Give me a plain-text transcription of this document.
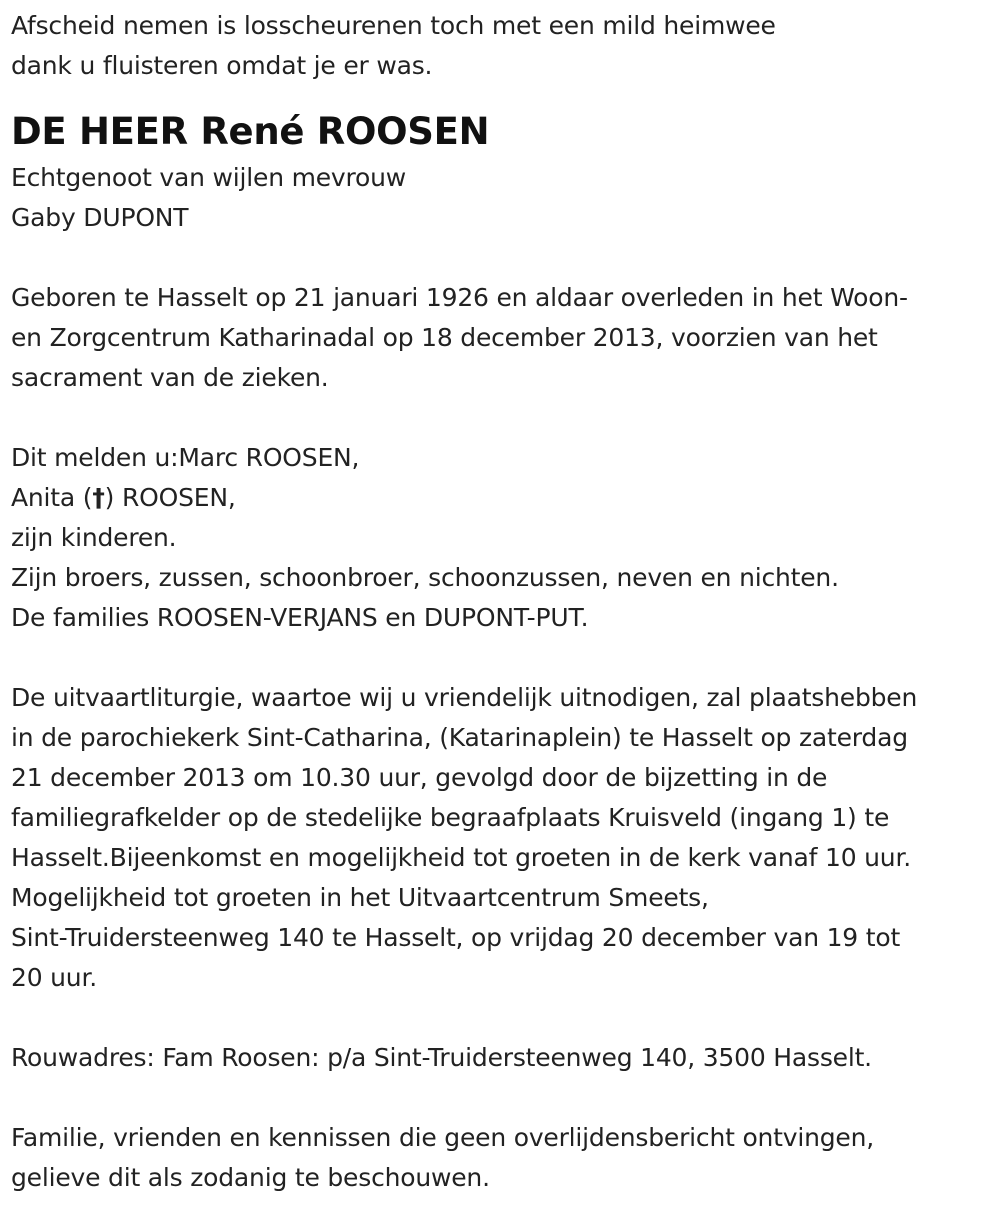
Afscheid nemen is losscheurenen toch met een mild heimwee
dank u fluisteren omdat je er was.
DE HEER René ROOSEN
Echtgenoot van wijlen mevrouw
Gaby DUPONT
Geboren te Hasselt op 21 januari 1926 en aldaar overleden in het Woon-
en Zorgcentrum Katharinadal op 18 december 2013, voorzien van het
sacrament van de zieken.
Dit melden u:Marc ROOSEN,
Anita (†) ROOSEN,
zijn kinderen.
Zijn broers, zussen, schoonbroer, schoonzussen, neven en nichten.
De families ROOSEN-VERJANS en DUPONT-PUT.
De uitvaartliturgie, waartoe wij u vriendelijk uitnodigen, zal plaatshebben
in de parochiekerk Sint-Catharina, (Katarinaplein) te Hasselt op zaterdag
21 december 2013 om 10.30 uur, gevolgd door de bijzetting in de
familiegrafkelder op de stedelijke begraafplaats Kruisveld (ingang 1) te
Hasselt.Bijeenkomst en mogelijkheid tot groeten in de kerk vanaf 10 uur.
Mogelijkheid tot groeten in het Uitvaartcentrum Smeets,
Sint-Truidersteenweg 140 te Hasselt, op vrijdag 20 december van 19 tot
20 uur.
Rouwadres: Fam Roosen: p/a Sint-Truidersteenweg 140, 3500 Hasselt.
Familie, vrienden en kennissen die geen overlijdensbericht ontvingen,
gelieve dit als zodanig te beschouwen.
